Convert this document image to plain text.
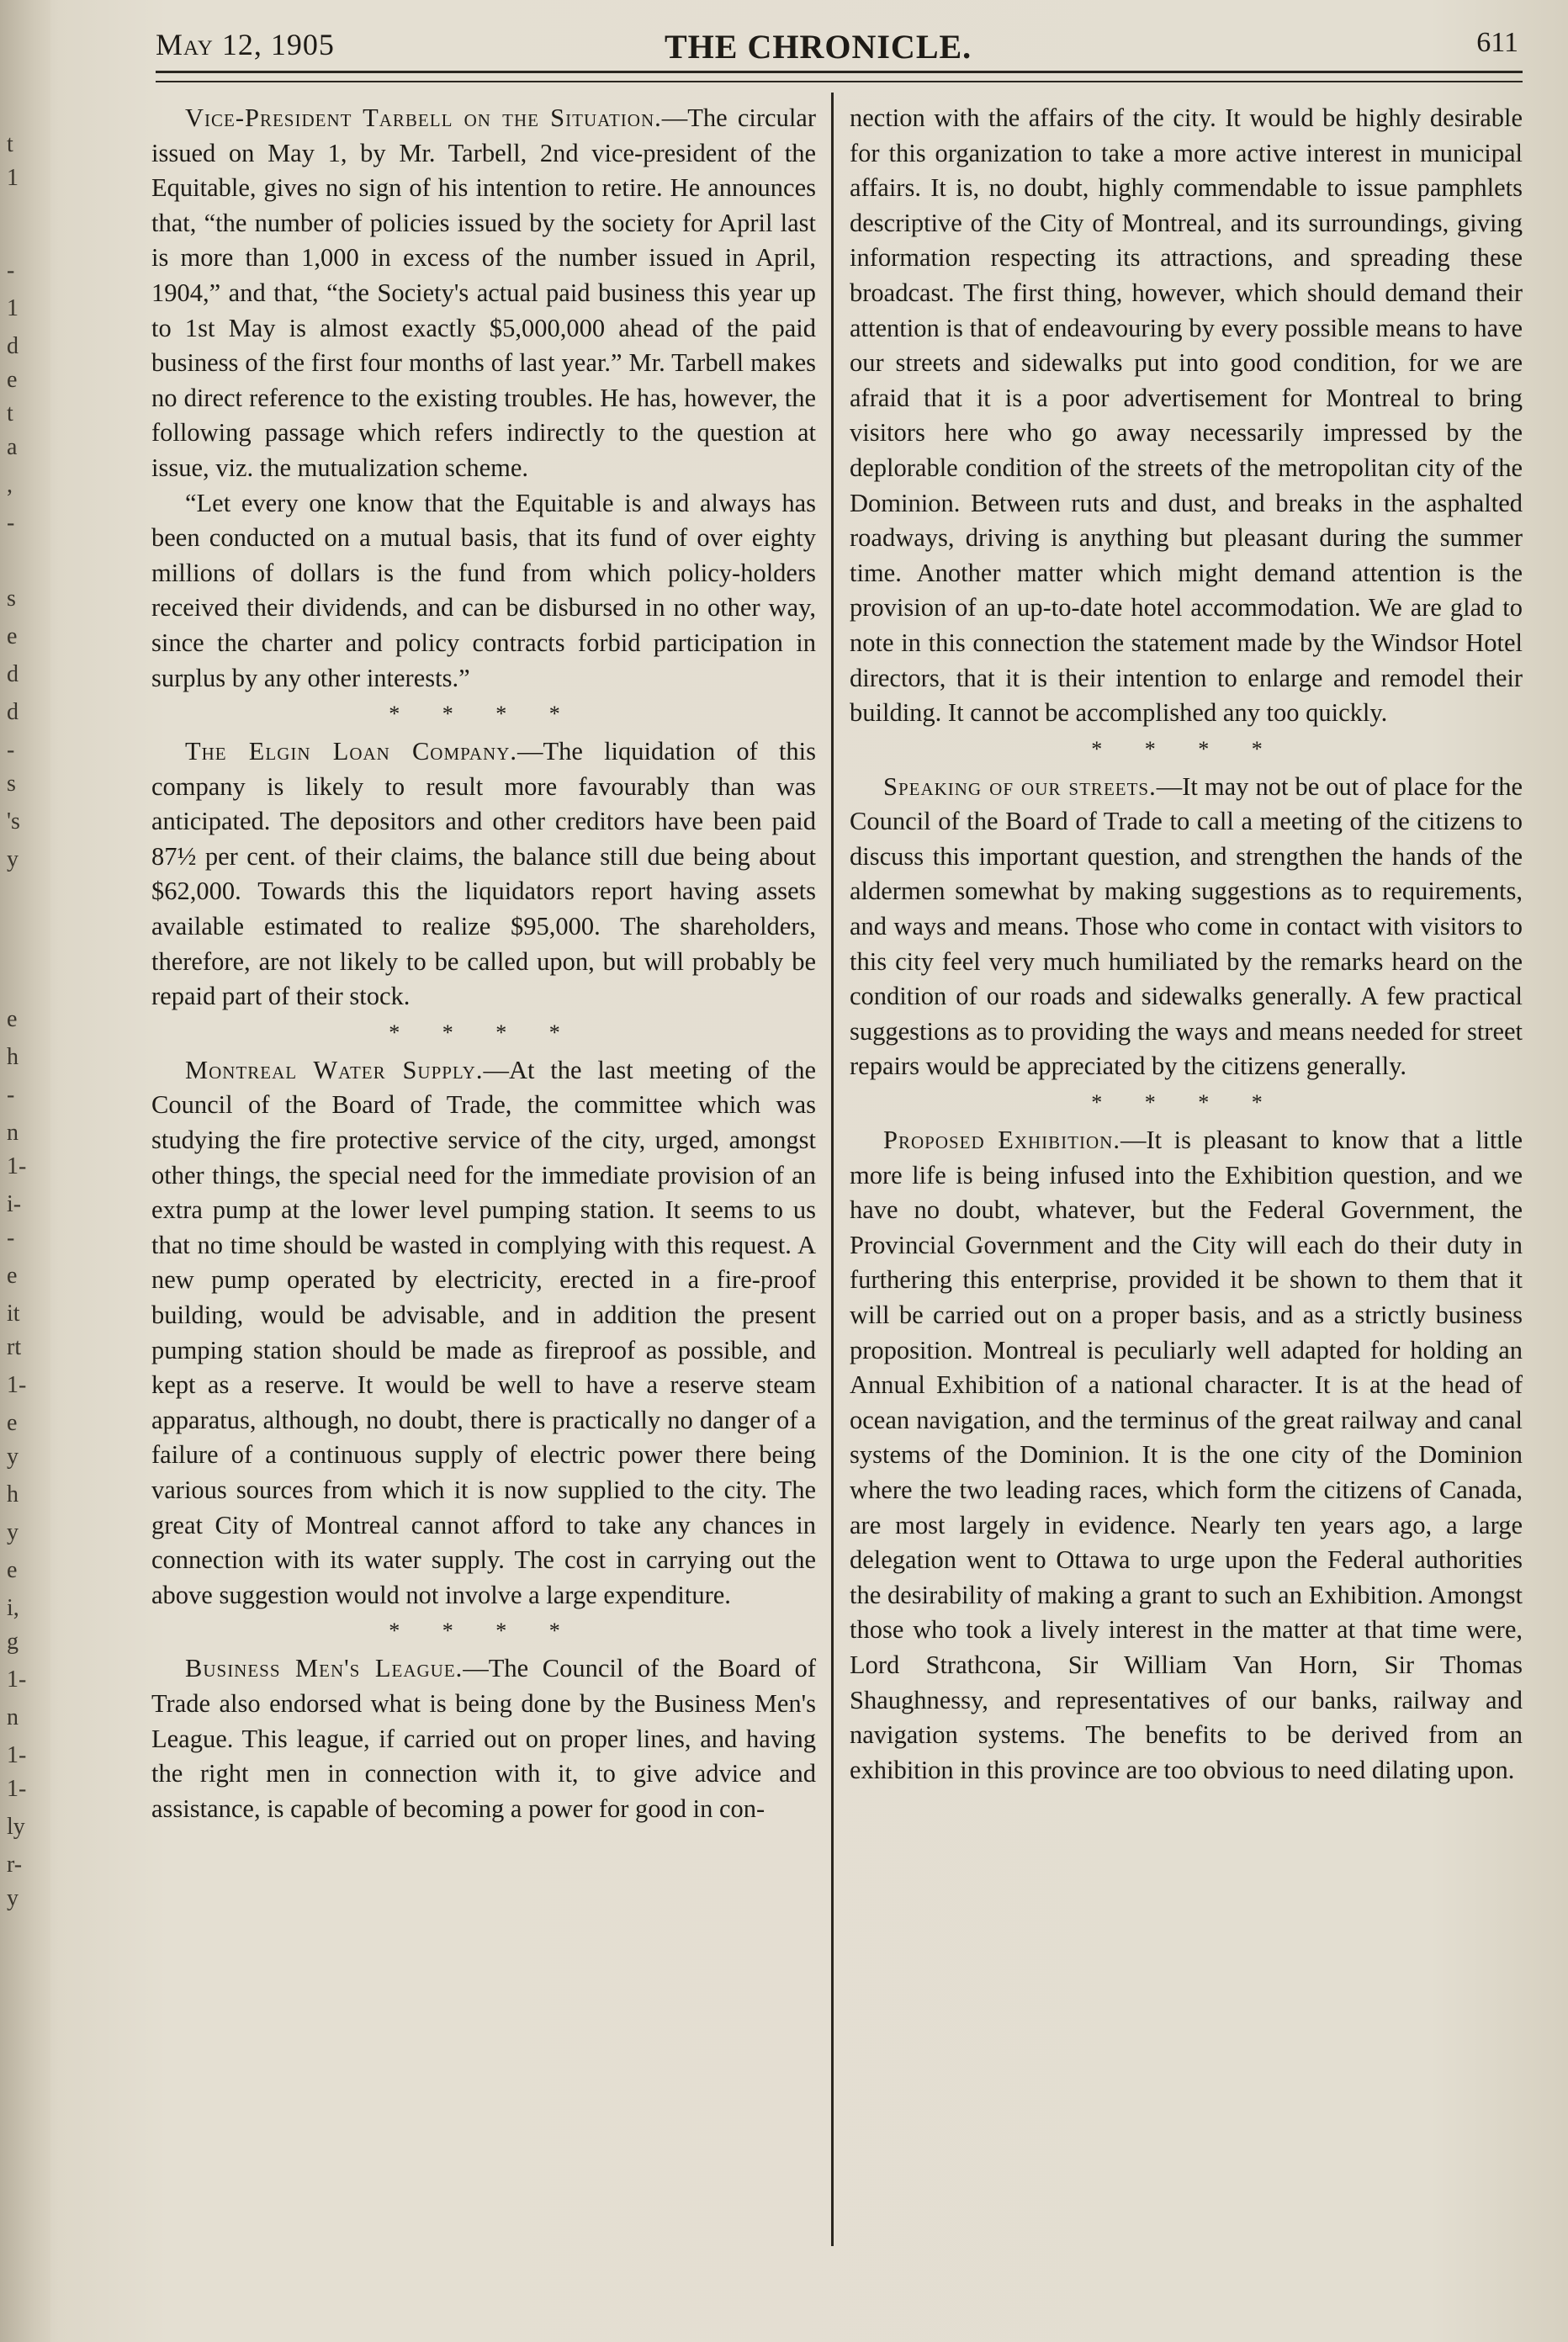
t
1
-
1
d
e
t
a
,
-
s
e
d
d
-
s
's
y
e
h
-
n
1-
i-
-
e
it
rt
1-
e
y
h
y
e
i,
g
1-
n
1-
1-
ly
r-
y
May 12, 1905	THE CHRONICLE.	611

Vice-President Tarbell on the Situation.—The circular issued on May 1, by Mr. Tarbell, 2nd vice-president of the Equitable, gives no sign of his intention to retire. He announces that, “the number of policies issued by the society for April last is more than 1,000 in excess of the number issued in April, 1904,” and that, “the Society's actual paid business this year up to 1st May is almost exactly $5,000,000 ahead of the paid business of the first four months of last year.” Mr. Tarbell makes no direct reference to the existing troubles. He has, however, the following passage which refers indirectly to the question at issue, viz. the mutualization scheme.

“Let every one know that the Equitable is and always has been conducted on a mutual basis, that its fund of over eighty millions of dollars is the fund from which policy-holders received their dividends, and can be disbursed in no other way, since the charter and policy contracts forbid participation in surplus by any other interests.”

* * * *

The Elgin Loan Company.—The liquidation of this company is likely to result more favourably than was anticipated. The depositors and other creditors have been paid 87½ per cent. of their claims, the balance still due being about $62,000. Towards this the liquidators report having assets available estimated to realize $95,000. The shareholders, therefore, are not likely to be called upon, but will probably be repaid part of their stock.

* * * *

Montreal Water Supply.—At the last meeting of the Council of the Board of Trade, the committee which was studying the fire protective service of the city, urged, amongst other things, the special need for the immediate provision of an extra pump at the lower level pumping station. It seems to us that no time should be wasted in complying with this request. A new pump operated by electricity, erected in a fire-proof building, would be advisable, and in addition the present pumping station should be made as fireproof as possible, and kept as a reserve. It would be well to have a reserve steam apparatus, although, no doubt, there is practically no danger of a failure of a continuous supply of electric power there being various sources from which it is now supplied to the city. The great City of Montreal cannot afford to take any chances in connection with its water supply. The cost in carrying out the above suggestion would not involve a large expenditure.

* * * *

Business Men's League.—The Council of the Board of Trade also endorsed what is being done by the Business Men's League. This league, if carried out on proper lines, and having the right men in connection with it, to give advice and assistance, is capable of becoming a power for good in con-

nection with the affairs of the city. It would be highly desirable for this organization to take a more active interest in municipal affairs. It is, no doubt, highly commendable to issue pamphlets descriptive of the City of Montreal, and its surroundings, giving information respecting its attractions, and spreading these broadcast. The first thing, however, which should demand their attention is that of endeavouring by every possible means to have our streets and sidewalks put into good condition, for we are afraid that it is a poor advertisement for Montreal to bring visitors here who go away necessarily impressed by the deplorable condition of the streets of the metropolitan city of the Dominion. Between ruts and dust, and breaks in the asphalted roadways, driving is anything but pleasant during the summer time. Another matter which might demand attention is the provision of an up-to-date hotel accommodation. We are glad to note in this connection the statement made by the Windsor Hotel directors, that it is their intention to enlarge and remodel their building. It cannot be accomplished any too quickly.

* * * *

Speaking of our streets.—It may not be out of place for the Council of the Board of Trade to call a meeting of the citizens to discuss this important question, and strengthen the hands of the aldermen somewhat by making suggestions as to requirements, and ways and means. Those who come in contact with visitors to this city feel very much humiliated by the remarks heard on the condition of our roads and sidewalks generally. A few practical suggestions as to providing the ways and means needed for street repairs would be appreciated by the citizens generally.

* * * *

Proposed Exhibition.—It is pleasant to know that a little more life is being infused into the Exhibition question, and we have no doubt, whatever, but the Federal Government, the Provincial Government and the City will each do their duty in furthering this enterprise, provided it be shown to them that it will be carried out on a proper basis, and as a strictly business proposition. Montreal is peculiarly well adapted for holding an Annual Exhibition of a national character. It is at the head of ocean navigation, and the terminus of the great railway and canal systems of the Dominion. It is the one city of the Dominion where the two leading races, which form the citizens of Canada, are most largely in evidence. Nearly ten years ago, a large delegation went to Ottawa to urge upon the Federal authorities the desirability of making a grant to such an Exhibition. Amongst those who took a lively interest in the matter at that time were, Lord Strathcona, Sir William Van Horn, Sir Thomas Shaughnessy, and representatives of our banks, railway and navigation systems. The benefits to be derived from an exhibition in this province are too obvious to need dilating upon.
